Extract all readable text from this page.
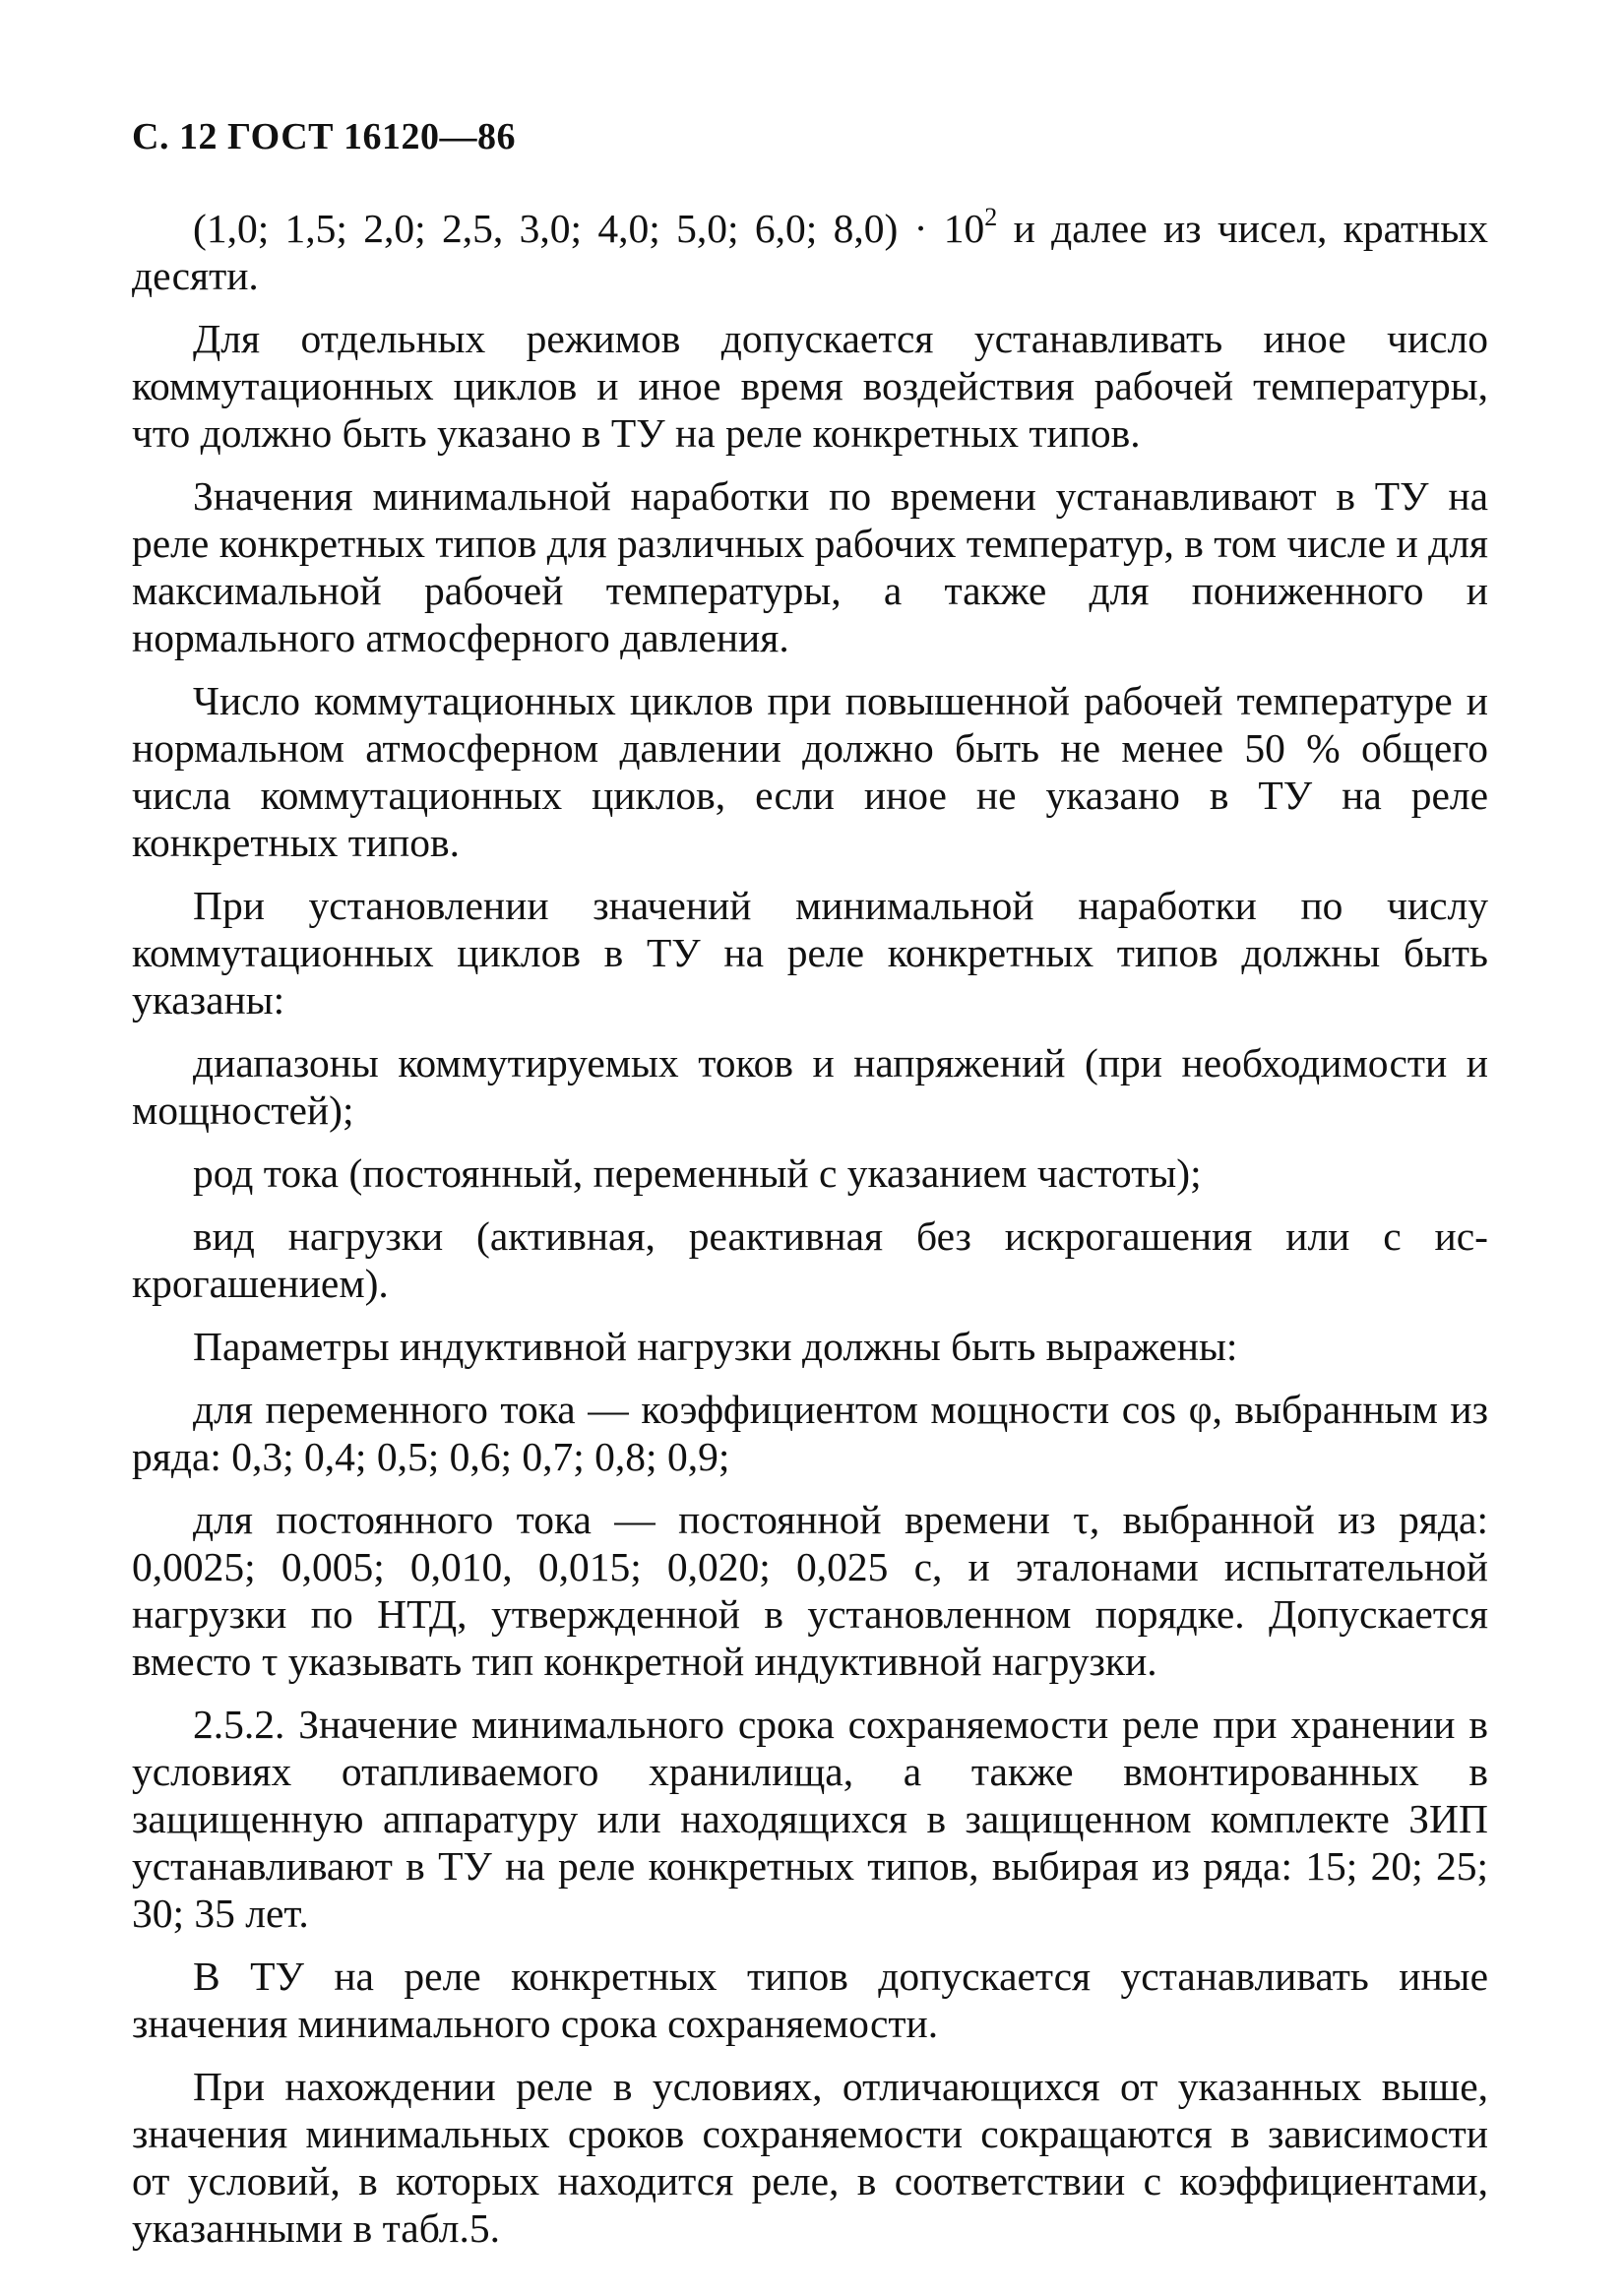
С. 12 ГОСТ 16120—86

(1,0; 1,5; 2,0; 2,5, 3,0; 4,0; 5,0; 6,0; $8,0) \cdot 10^2$ и далее из чисел, кратных десяти.

Для отдельных режимов допускается устанавливать иное число коммутационных циклов и иное время воздействия рабочей температуры, что должно быть указано в ТУ на реле конкретных типов.

Значения минимальной наработки по времени устанавливают в ТУ на реле конкретных типов для различных рабочих температур, в том числе и для максимальной рабочей температуры, а также для пониженного и нормального атмосферного давления.

Число коммутационных циклов при повышенной рабочей температуре и нормальном атмосферном давлении должно быть не менее 50 % общего числа коммутационных циклов, если иное не указано в ТУ на реле конкретных типов.

При установлении значений минимальной наработки по числу коммутационных циклов в ТУ на реле конкретных типов должны быть указаны:

диапазоны коммутируемых токов и напряжений (при необходимости и мощностей);

род тока (постоянный, переменный с указанием частоты);

вид нагрузки (активная, реактивная без искрогашения или с искрогашением).

Параметры индуктивной нагрузки должны быть выражены:

для переменного тока — коэффициентом мощности cos φ, выбранным из ряда: 0,3; 0,4; 0,5; 0,6; 0,7; 0,8; 0,9;

для постоянного тока — постоянной времени τ, выбранной из ряда: 0,0025; 0,005; 0,010, 0,015; 0,020; 0,025 с, и эталонами испытательной нагрузки по НТД, утвержденной в установленном порядке. Допускается вместо τ указывать тип конкретной индуктивной нагрузки.

2.5.2. Значение минимального срока сохраняемости реле при хранении в условиях отапливаемого хранилища, а также вмонтированных в защищенную аппаратуру или находящихся в защищенном комплекте ЗИП устанавливают в ТУ на реле конкретных типов, выбирая из ряда: 15; 20; 25; 30; 35 лет.

В ТУ на реле конкретных типов допускается устанавливать иные значения минимального срока сохраняемости.

При нахождении реле в условиях, отличающихся от указанных выше, значения минимальных сроков сохраняемости сокращаются в зависимости от условий, в которых находится реле, в соответствии с коэффициентами, указанными в табл.5.
